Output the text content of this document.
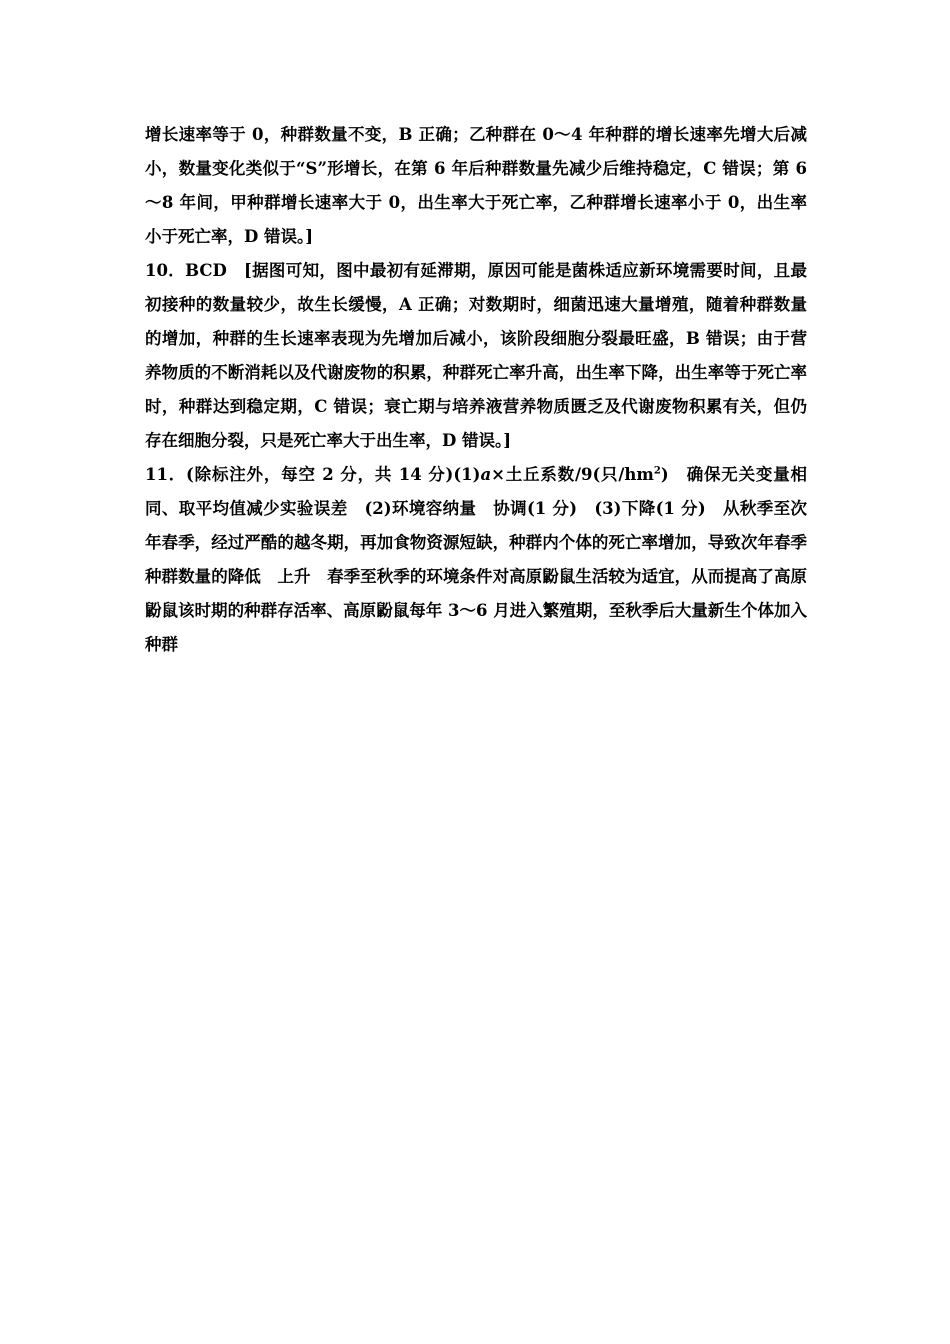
增长速率等于 0，种群数量不变，B 正确；乙种群在 0～4 年种群的增长速率先增大后减小，数量变化类似于“S”形增长，在第 6 年后种群数量先减少后维持稳定，C 错误；第 6～8 年间，甲种群增长速率大于 0，出生率大于死亡率，乙种群增长速率小于 0，出生率小于死亡率，D 错误。]

10．BCD　[据图可知，图中最初有延滞期，原因可能是菌株适应新环境需要时间，且最初接种的数量较少，故生长缓慢，A 正确；对数期时，细菌迅速大量增殖，随着种群数量的增加，种群的生长速率表现为先增加后减小，该阶段细胞分裂最旺盛，B 错误；由于营养物质的不断消耗以及代谢废物的积累，种群死亡率升高，出生率下降，出生率等于死亡率时，种群达到稳定期，C 错误；衰亡期与培养液营养物质匮乏及代谢废物积累有关，但仍存在细胞分裂，只是死亡率大于出生率，D 错误。]

11．(除标注外，每空 2 分，共 14 分)(1)a×土丘系数/9(只$/hm^2$)　确保无关变量相同、取平均值减少实验误差　(2)环境容纳量　协调(1 分)　(3)下降(1 分)　从秋季至次年春季，经过严酷的越冬期，再加食物资源短缺，种群内个体的死亡率增加，导致次年春季种群数量的降低　上升　春季至秋季的环境条件对高原鼢鼠生活较为适宜，从而提高了高原鼢鼠该时期的种群存活率、高原鼢鼠每年 3～6 月进入繁殖期，至秋季后大量新生个体加入种群
